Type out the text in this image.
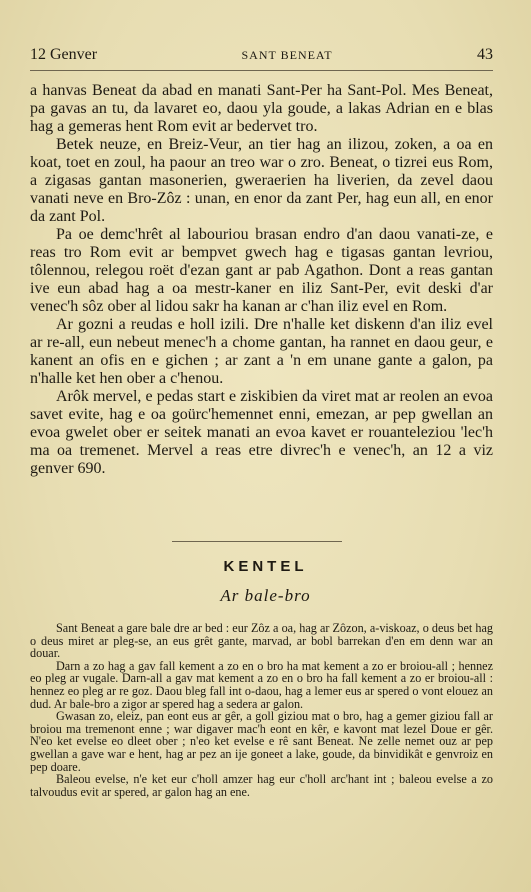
12 Genver	SANT BENEAT	43

a hanvas Beneat da abad en manati Sant-Per ha Sant-Pol. Mes Beneat, pa gavas an tu, da lavaret eo, daou yla goude, a lakas Adrian en e blas hag a gemeras hent Rom evit ar bedervet tro.

Betek neuze, en Breiz-Veur, an tier hag an ilizou, zoken, a oa en koat, toet en zoul, ha paour an treo war o zro. Beneat, o tizrei eus Rom, a zigasas gantan masonerien, gweraerien ha liverien, da zevel daou vanati neve en Bro-Zôz : unan, en enor da zant Per, hag eun all, en enor da zant Pol.

Pa oe demc'hrêt al labouriou brasan endro d'an daou vanati-ze, e reas tro Rom evit ar bempvet gwech hag e tigasas gantan levriou, tôlennou, relegou roët d'ezan gant ar pab Agathon. Dont a reas gantan ive eun abad hag a oa mestr-kaner en iliz Sant-Per, evit deski d'ar venec'h sôz ober al lidou sakr ha kanan ar c'han iliz evel en Rom.

Ar gozni a reudas e holl izili. Dre n'halle ket diskenn d'an iliz evel ar re-all, eun nebeut menec'h a chome gantan, ha rannet en daou geur, e kanent an ofis en e gichen ; ar zant a 'n em unane gante a galon, pa n'halle ket hen ober a c'henou.

Arôk mervel, e pedas start e ziskibien da viret mat ar reolen an evoa savet evite, hag e oa goürc'hemennet enni, emezan, ar pep gwellan an evoa gwelet ober er seitek manati an evoa kavet er rouanteleziou 'lec'h ma oa tremenet. Mervel a reas etre divrec'h e venec'h, an 12 a viz genver 690.

KENTEL
Ar bale-bro

Sant Beneat a gare bale dre ar bed : eur Zôz a oa, hag ar Zôzon, a-viskoaz, o deus bet hag o deus miret ar pleg-se, an eus grêt gante, marvad, ar bobl barrekan d'en em denn war an douar.

Darn a zo hag a gav fall kement a zo en o bro ha mat kement a zo er broiou-all ; hennez eo pleg ar vugale. Darn-all a gav mat kement a zo en o bro ha fall kement a zo er broiou-all : hennez eo pleg ar re goz. Daou bleg fall int o-daou, hag a lemer eus ar spered o vont elouez an dud. Ar bale-bro a zigor ar spered hag a sedera ar galon.

Gwasan zo, eleiz, pan eont eus ar gêr, a goll giziou mat o bro, hag a gemer giziou fall ar broiou ma tremenont enne ; war digaver mac'h eont en kêr, e kavont mat lezel Doue er gêr. N'eo ket evelse eo dleet ober ; n'eo ket evelse e rê sant Beneat. Ne zelle nemet ouz ar pep gwellan a gave war e hent, hag ar pez an ije goneet a lake, goude, da binvidikât e genvroiz en pep doare.

Baleou evelse, n'e ket eur c'holl amzer hag eur c'holl arc'hant int ; baleou evelse a zo talvoudus evit ar spered, ar galon hag an ene.
